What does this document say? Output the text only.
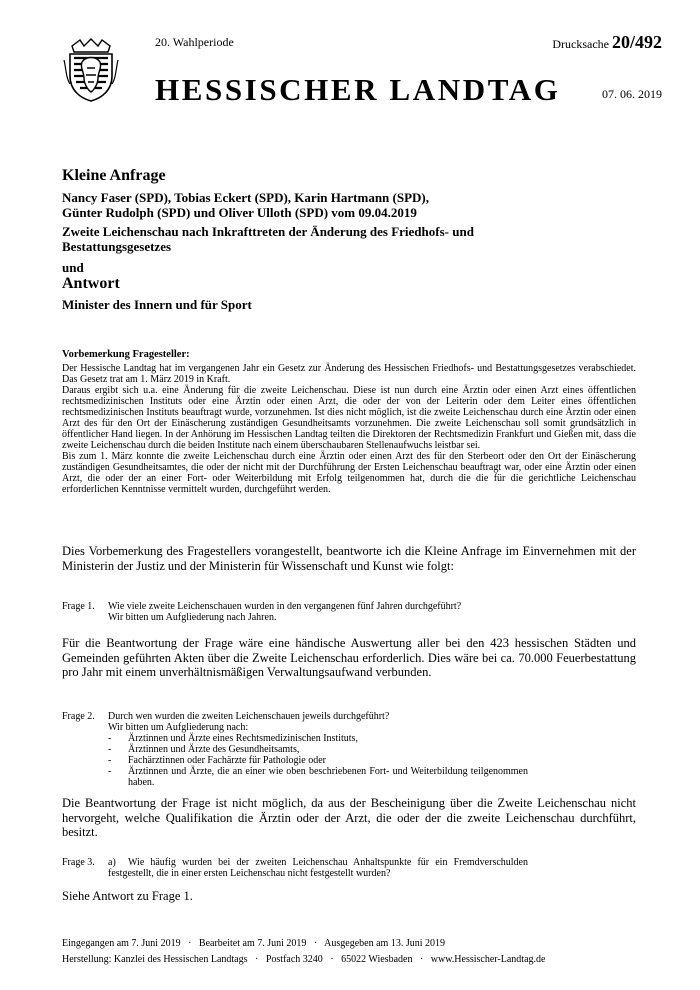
20. Wahlperiode	Drucksache 20/492
HESSISCHER LANDTAG	07. 06. 2019
Kleine Anfrage
Nancy Faser (SPD), Tobias Eckert (SPD), Karin Hartmann (SPD),
Günter Rudolph (SPD) und Oliver Ulloth (SPD) vom 09.04.2019
Zweite Leichenschau nach Inkrafttreten der Änderung des Friedhofs- und
Bestattungsgesetzes
und
Antwort
Minister des Innern und für Sport
Vorbemerkung Fragesteller:

Der Hessische Landtag hat im vergangenen Jahr ein Gesetz zur Änderung des Hessischen Friedhofs- und Bestattungsgesetzes verabschiedet. Das Gesetz trat am 1. März 2019 in Kraft.

Daraus ergibt sich u.a. eine Änderung für die zweite Leichenschau. Diese ist nun durch eine Ärztin oder einen Arzt eines öffentlichen rechtsmedizinischen Instituts oder eine Ärztin oder einen Arzt, die oder der von der Leiterin oder dem Leiter eines öffentlichen rechtsmedizinischen Instituts beauftragt wurde, vorzunehmen. Ist dies nicht möglich, ist die zweite Leichenschau durch eine Ärztin oder einen Arzt des für den Ort der Einäscherung zuständigen Gesundheitsamts vorzunehmen. Die zweite Leichenschau soll somit grundsätzlich in öffentlicher Hand liegen. In der Anhörung im Hessischen Landtag teilten die Direktoren der Rechtsmedizin Frankfurt und Gießen mit, dass die zweite Leichenschau durch die beiden Institute nach einem überschaubaren Stellenaufwuchs leistbar sei.

Bis zum 1. März konnte die zweite Leichenschau durch eine Ärztin oder einen Arzt des für den Sterbeort oder den Ort der Einäscherung zuständigen Gesundheitsamtes, die oder der nicht mit der Durchführung der Ersten Leichenschau beauftragt war, oder eine Ärztin oder einen Arzt, die oder der an einer Fort- oder Weiterbildung mit Erfolg teilgenommen hat, durch die die für die gerichtliche Leichenschau erforderlichen Kenntnisse vermittelt wurden, durchgeführt werden.

Dies Vorbemerkung des Fragestellers vorangestellt, beantworte ich die Kleine Anfrage im Einvernehmen mit der Ministerin der Justiz und der Ministerin für Wissenschaft und Kunst wie folgt:
Frage 1. Wie viele zweite Leichenschauen wurden in den vergangenen fünf Jahren durchgeführt?
Wir bitten um Aufgliederung nach Jahren.
Für die Beantwortung der Frage wäre eine händische Auswertung aller bei den 423 hessischen Städten und Gemeinden geführten Akten über die Zweite Leichenschau erforderlich. Dies wäre bei ca. 70.000 Feuerbestattung pro Jahr mit einem unverhältnismäßigen Verwaltungsaufwand verbunden.
Frage 2. Durch wen wurden die zweiten Leichenschauen jeweils durchgeführt?
Wir bitten um Aufgliederung nach:
- Ärztinnen und Ärzte eines Rechtsmedizinischen Instituts,
- Ärztinnen und Ärzte des Gesundheitsamts,
- Fachärztinnen oder Fachärzte für Pathologie oder
- Ärztinnen und Ärzte, die an einer wie oben beschriebenen Fort- und Weiterbildung teilgenommen haben.
Die Beantwortung der Frage ist nicht möglich, da aus der Bescheinigung über die Zweite Leichenschau nicht hervorgeht, welche Qualifikation die Ärztin oder der Arzt, die oder der die zweite Leichenschau durchführt, besitzt.
Frage 3. a) Wie häufig wurden bei der zweiten Leichenschau Anhaltspunkte für ein Fremdverschulden festgestellt, die in einer ersten Leichenschau nicht festgestellt wurden?
Siehe Antwort zu Frage 1.
Eingegangen am 7. Juni 2019   ·   Bearbeitet am 7. Juni 2019   ·   Ausgegeben am 13. Juni 2019
Herstellung: Kanzlei des Hessischen Landtags   ·   Postfach 3240   ·   65022 Wiesbaden   ·   www.Hessischer-Landtag.de
